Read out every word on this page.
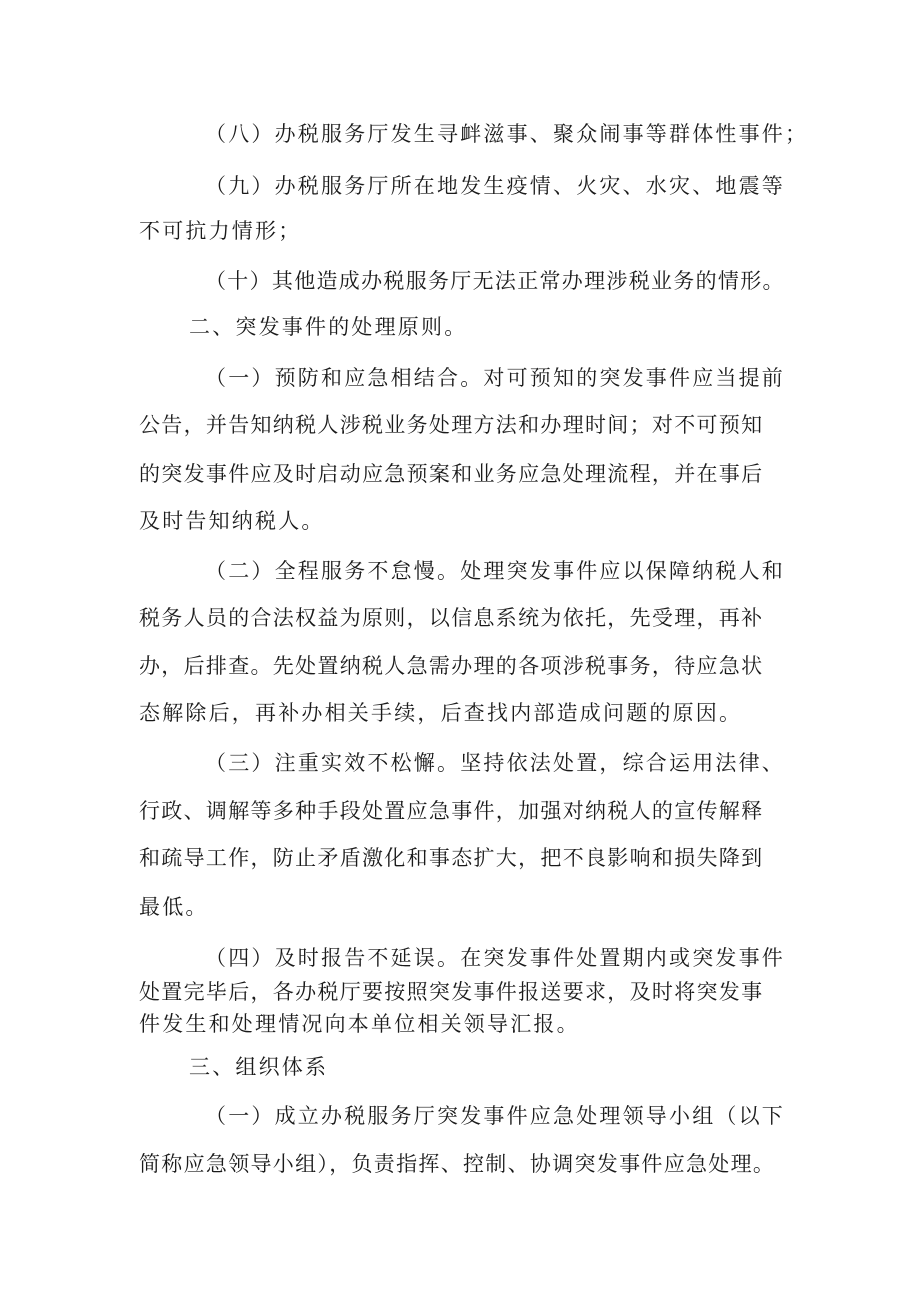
（八）办税服务厅发生寻衅滋事、聚众闹事等群体性事件；
（九）办税服务厅所在地发生疫情、火灾、水灾、地震等
不可抗力情形；
（十）其他造成办税服务厅无法正常办理涉税业务的情形。
二、突发事件的处理原则。
（一）预防和应急相结合。对可预知的突发事件应当提前
公告，并告知纳税人涉税业务处理方法和办理时间；对不可预知
的突发事件应及时启动应急预案和业务应急处理流程，并在事后
及时告知纳税人。
（二）全程服务不怠慢。处理突发事件应以保障纳税人和
税务人员的合法权益为原则，以信息系统为依托，先受理，再补
办，后排查。先处置纳税人急需办理的各项涉税事务，待应急状
态解除后，再补办相关手续，后查找内部造成问题的原因。
（三）注重实效不松懈。坚持依法处置，综合运用法律、
行政、调解等多种手段处置应急事件，加强对纳税人的宣传解释
和疏导工作，防止矛盾激化和事态扩大，把不良影响和损失降到
最低。
（四）及时报告不延误。在突发事件处置期内或突发事件
处置完毕后，各办税厅要按照突发事件报送要求，及时将突发事
件发生和处理情况向本单位相关领导汇报。
三、组织体系
（一）成立办税服务厅突发事件应急处理领导小组（以下
简称应急领导小组），负责指挥、控制、协调突发事件应急处理。
